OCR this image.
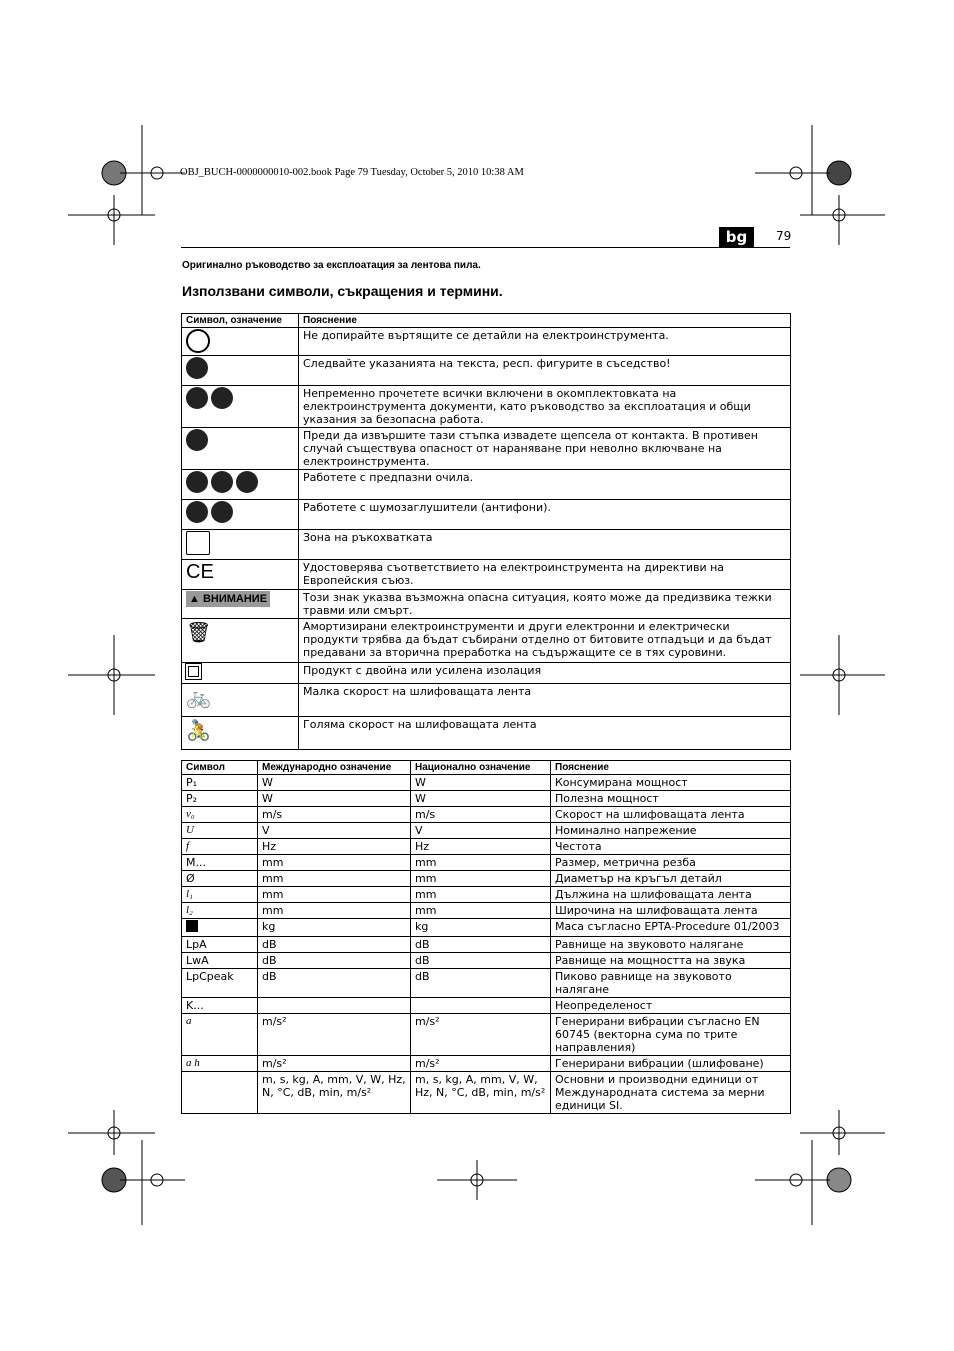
OBJ_BUCH-0000000010-002.book Page 79 Tuesday, October 5, 2010 10:38 AM
bg	79
Оригинално ръководство за експлоатация за лентова пила.
Използвани символи, съкращения и термини.
Символ, означение	Пояснение
	Не допирайте въртящите се детайли на електроинструмента.
	Следвайте указанията на текста, респ. фигурите в съседство!
	Непременно прочетете всички включени в окомплектовката на електроинструмента документи, като ръководство за експлоатация и общи указания за безопасна работа.
	Преди да извършите тази стъпка извадете щепсела от контакта. В противен случай съществува опасност от нараняване при неволно включване на електроинструмента.
	Работете с предпазни очила.
	Работете с шумозаглушители (антифони).
	Зона на ръкохватката
CE	Удостоверява съответствието на електроинструмента на директиви на Европейския съюз.
▲ ВНИМАНИЕ	Този знак указва възможна опасна ситуация, която може да предизвика тежки травми или смърт.
🗑	Амортизирани електроинструменти и други електронни и електрически продукти трябва да бъдат събирани отделно от битовите отпадъци и да бъдат предавани за вторична преработка на съдържащите се в тях суровини.
	Продукт с двойна или усилена изолация
🚲	Малка скорост на шлифоващата лента
🚴	Голяма скорост на шлифоващата лента
Символ	Международно означение	Национално означение	Пояснение
P₁	W	W	Консумирана мощност
P₂	W	W	Полезна мощност
v₀	m/s	m/s	Скорост на шлифоващата лента
U	V	V	Номинално напрежение
f	Hz	Hz	Честота
M...	mm	mm	Размер, метрична резба
Ø	mm	mm	Диаметър на кръгъл детайл
l₁	mm	mm	Дължина на шлифоващата лента
l₂	mm	mm	Широчина на шлифоващата лента
	kg	kg	Маса съгласно EPTA-Procedure 01/2003
LpA	dB	dB	Равнище на звуковото налягане
LwA	dB	dB	Равнище на мощността на звука
LpCpeak	dB	dB	Пиково равнище на звуковото налягане
K...			Неопределеност
a	m/s²	m/s²	Генерирани вибрации съгласно EN 60745 (векторна сума по трите направления)
a h	m/s²	m/s²	Генерирани вибрации (шлифоване)
	m, s, kg, A, mm, V, W, Hz, N, °C, dB, min, m/s²	m, s, kg, A, mm, V, W, Hz, N, °C, dB, min, m/s²	Основни и производни единици от Международната система за мерни единици SI.
